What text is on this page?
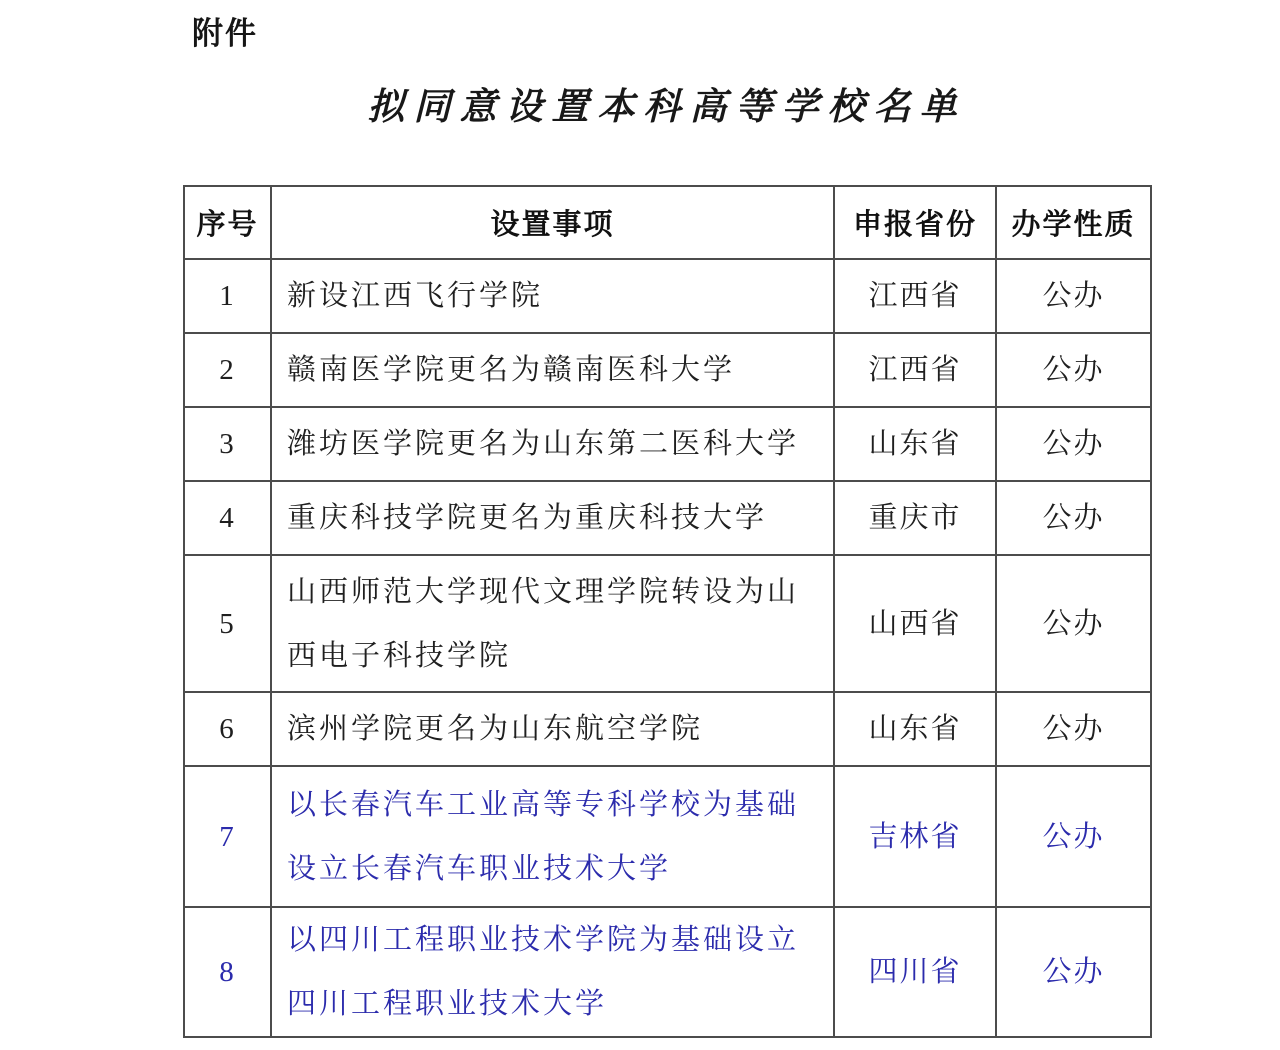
附件
拟同意设置本科高等学校名单
序号	设置事项	申报省份	办学性质
1	新设江西飞行学院	江西省	公办
2	赣南医学院更名为赣南医科大学	江西省	公办
3	潍坊医学院更名为山东第二医科大学	山东省	公办
4	重庆科技学院更名为重庆科技大学	重庆市	公办
5	山西师范大学现代文理学院转设为山西电子科技学院	山西省	公办
6	滨州学院更名为山东航空学院	山东省	公办
7	以长春汽车工业高等专科学校为基础设立长春汽车职业技术大学	吉林省	公办
8	以四川工程职业技术学院为基础设立四川工程职业技术大学	四川省	公办
